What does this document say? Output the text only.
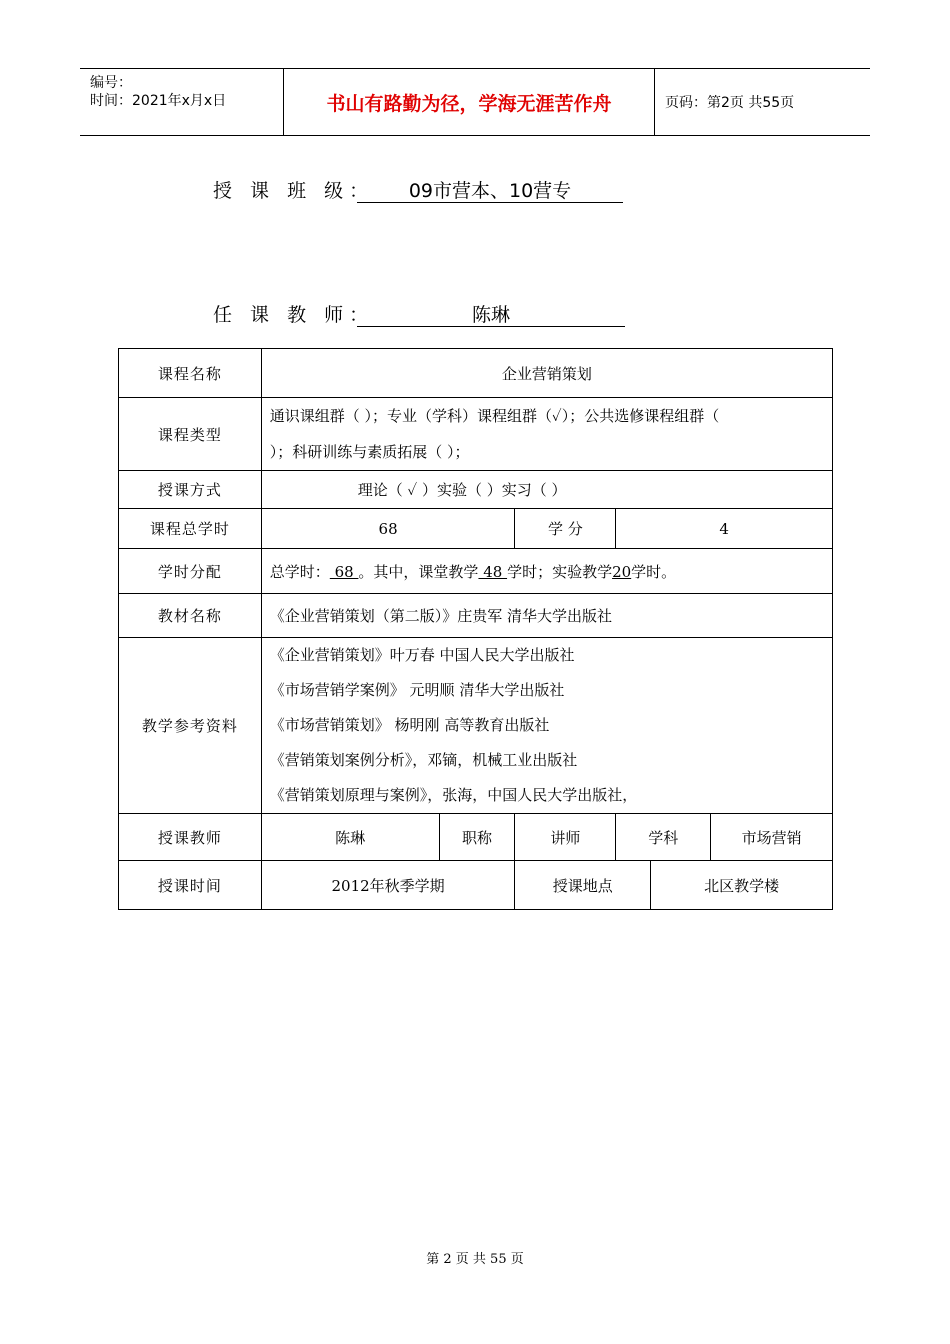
编号：
时间：2021年x月x日	书山有路勤为径，学海无涯苦作舟	页码：第2页 共55页
授 课 班 级：	09市营本、10营专
任 课 教 师：	陈琳
课程名称	企业营销策划					
课程类型	通识课组群（ ）；专业（学科）课程组群（✓）；公共选修课程组群（
）；科研训练与素质拓展（ ）；					

授课方式	理论（ ✓ ）实验（ ）实习（ ）					
课程总学时	68		学 分	4		
学时分配	总学时： 68 。其中，课堂教学 48 学时；实验教学20学时。					
教材名称	《企业营销策划（第二版）》庄贵军 清华大学出版社					
教学参考资料	《企业营销策划》叶万春 中国人民大学出版社
《市场营销学案例》 元明顺 清华大学出版社
《市场营销策划》 杨明刚 高等教育出版社
《营销策划案例分析》，邓镝，机械工业出版社
《营销策划原理与案例》，张海，中国人民大学出版社，					

授课教师	陈琳	职称	讲师	学科		市场营销
授课时间	2012年秋季学期		授课地点		北区教学楼	
第 2 页 共 55 页
